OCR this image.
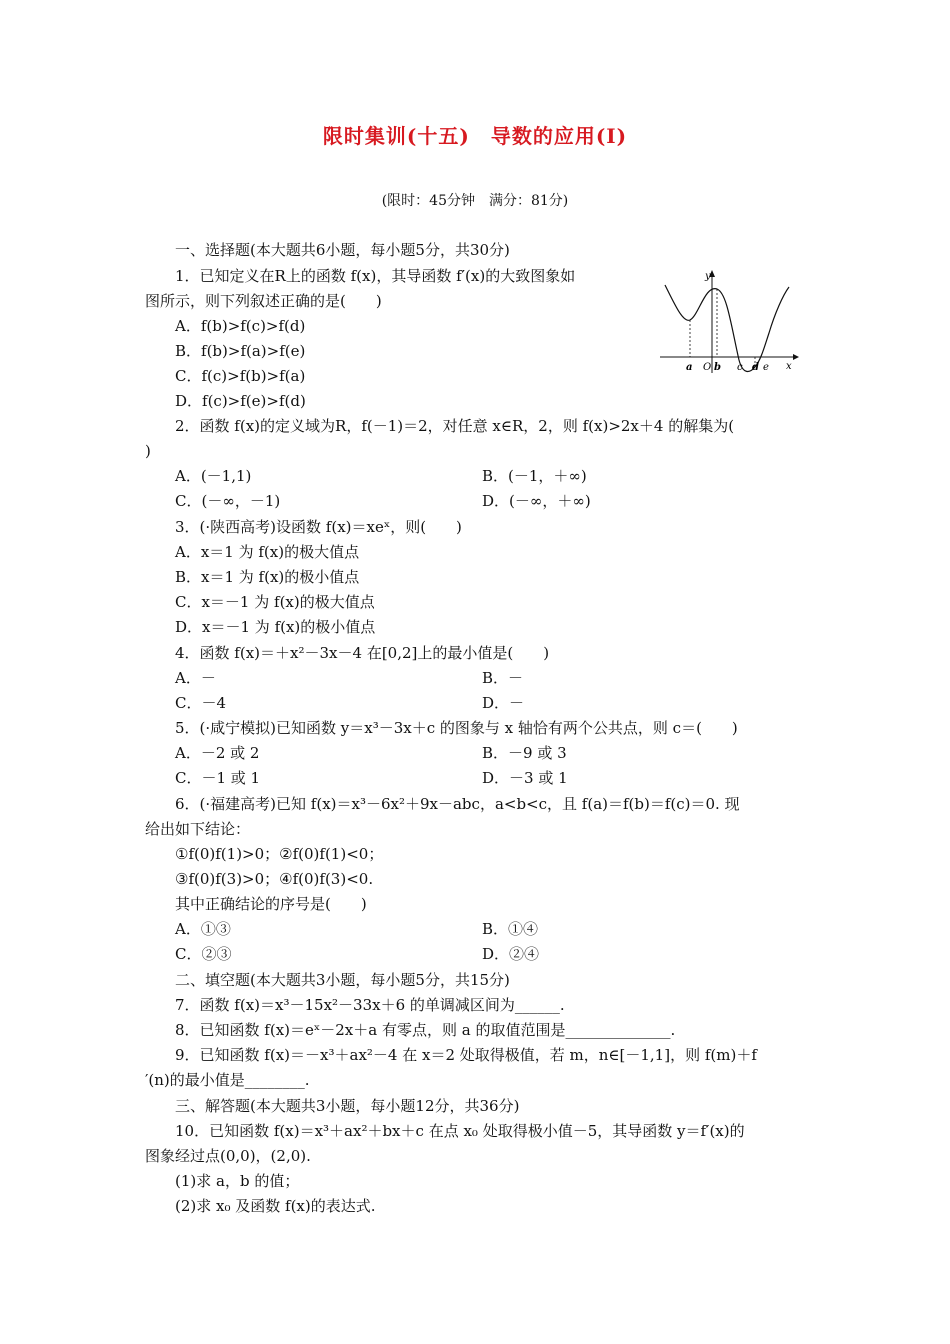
限时集训(十五)　导数的应用(Ⅰ)
(限时：45分钟　满分：81分)
一、选择题(本大题共6小题，每小题5分，共30分)
1．已知定义在R上的函数 f(x)，其导函数 f′(x)的大致图象如
图所示，则下列叙述正确的是(　　)
A．f(b)>f(c)>f(d)
B．f(b)>f(a)>f(e)
C．f(c)>f(b)>f(a)
D．f(c)>f(e)>f(d)
y
x
a O b c d e
2．函数 f(x)的定义域为R，f(－1)＝2，对任意 x∈R，2，则 f(x)>2x＋4 的解集为(
)
A．(－1,1)	B．(－1，＋∞)
C．(－∞，－1)	D．(－∞，＋∞)
3．(·陕西高考)设函数 f(x)＝xeˣ，则(　　)
A．x＝1 为 f(x)的极大值点
B．x＝1 为 f(x)的极小值点
C．x＝－1 为 f(x)的极大值点
D．x＝－1 为 f(x)的极小值点
4．函数 f(x)＝＋x²－3x－4 在[0,2]上的最小值是(　　)
A．－	B．－
C．－4	D．－
5．(·咸宁模拟)已知函数 y＝x³－3x＋c 的图象与 x 轴恰有两个公共点，则 c＝(　　)
A．－2 或 2	B．－9 或 3
C．－1 或 1	D．－3 或 1
6．(·福建高考)已知 f(x)＝x³－6x²＋9x－abc，a<b<c，且 f(a)＝f(b)＝f(c)＝0. 现
给出如下结论：
①f(0)f(1)>0；②f(0)f(1)<0；
③f(0)f(3)>0；④f(0)f(3)<0.
其中正确结论的序号是(　　)
A．①③	B．①④
C．②③	D．②④
二、填空题(本大题共3小题，每小题5分，共15分)
7．函数 f(x)＝x³－15x²－33x＋6 的单调减区间为______.
8．已知函数 f(x)＝eˣ－2x＋a 有零点，则 a 的取值范围是______________.
9．已知函数 f(x)＝－x³＋ax²－4 在 x＝2 处取得极值，若 m，n∈[－1,1]，则 f(m)＋f
′(n)的最小值是________.
三、解答题(本大题共3小题，每小题12分，共36分)
10．已知函数 f(x)＝x³＋ax²＋bx＋c 在点 x₀ 处取得极小值－5，其导函数 y＝f′(x)的
图象经过点(0,0)，(2,0).
(1)求 a，b 的值；
(2)求 x₀ 及函数 f(x)的表达式.
